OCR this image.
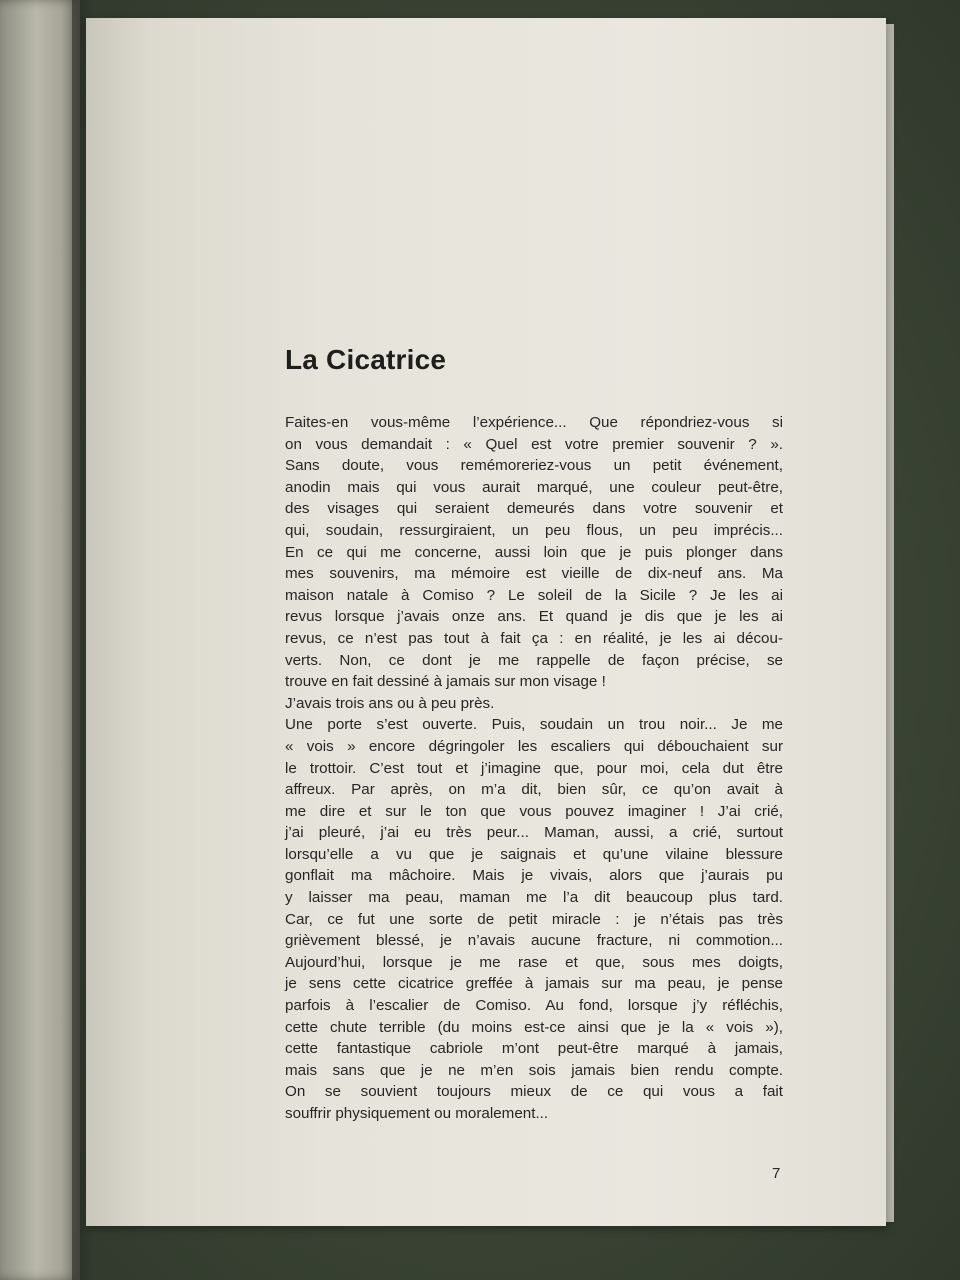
La Cicatrice
Faites-en vous-même l’expérience... Que répondriez-vous si
on vous demandait : « Quel est votre premier souvenir ? ».
Sans doute, vous remémoreriez-vous un petit événement,
anodin mais qui vous aurait marqué, une couleur peut-être,
des visages qui seraient demeurés dans votre souvenir et
qui, soudain, ressurgiraient, un peu flous, un peu imprécis...
En ce qui me concerne, aussi loin que je puis plonger dans
mes souvenirs, ma mémoire est vieille de dix-neuf ans. Ma
maison natale à Comiso ? Le soleil de la Sicile ? Je les ai
revus lorsque j’avais onze ans. Et quand je dis que je les ai
revus, ce n’est pas tout à fait ça : en réalité, je les ai décou-
verts. Non, ce dont je me rappelle de façon précise, se
trouve en fait dessiné à jamais sur mon visage !
J’avais trois ans ou à peu près.
Une porte s’est ouverte. Puis, soudain un trou noir... Je me
« vois » encore dégringoler les escaliers qui débouchaient sur
le trottoir. C’est tout et j’imagine que, pour moi, cela dut être
affreux. Par après, on m’a dit, bien sûr, ce qu’on avait à
me dire et sur le ton que vous pouvez imaginer ! J’ai crié,
j’ai pleuré, j’ai eu très peur... Maman, aussi, a crié, surtout
lorsqu’elle a vu que je saignais et qu’une vilaine blessure
gonflait ma mâchoire. Mais je vivais, alors que j’aurais pu
y laisser ma peau, maman me l’a dit beaucoup plus tard.
Car, ce fut une sorte de petit miracle : je n’étais pas très
grièvement blessé, je n’avais aucune fracture, ni commotion...
Aujourd’hui, lorsque je me rase et que, sous mes doigts,
je sens cette cicatrice greffée à jamais sur ma peau, je pense
parfois à l’escalier de Comiso. Au fond, lorsque j’y réfléchis,
cette chute terrible (du moins est-ce ainsi que je la « vois »),
cette fantastique cabriole m’ont peut-être marqué à jamais,
mais sans que je ne m’en sois jamais bien rendu compte.
On se souvient toujours mieux de ce qui vous a fait
souffrir physiquement ou moralement...
7
